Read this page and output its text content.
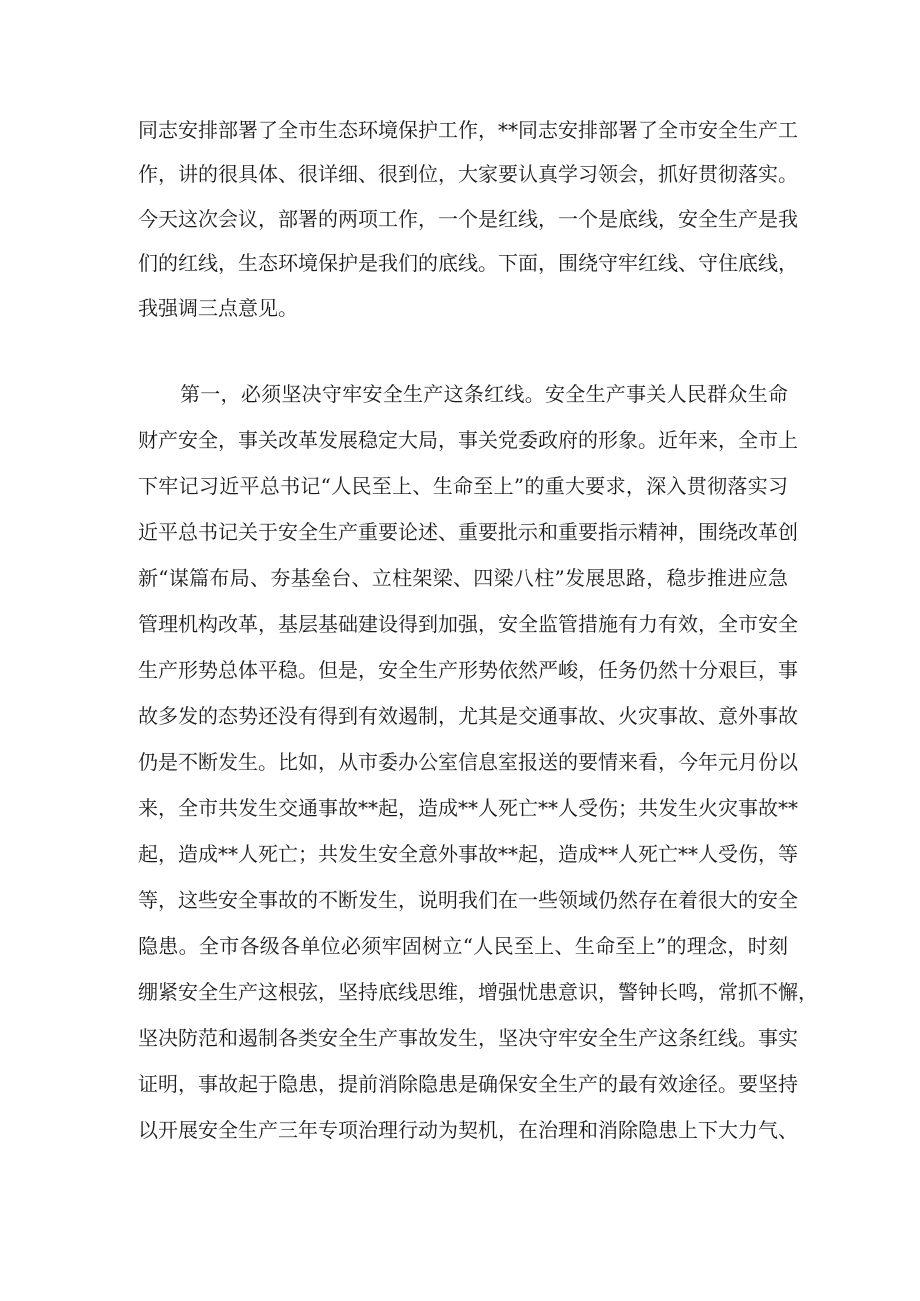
同志安排部署了全市生态环境保护工作，**同志安排部署了全市安全生产工
作，讲的很具体、很详细、很到位，大家要认真学习领会，抓好贯彻落实。
今天这次会议，部署的两项工作，一个是红线，一个是底线，安全生产是我
们的红线，生态环境保护是我们的底线。下面，围绕守牢红线、守住底线，
我强调三点意见。
第一，必须坚决守牢安全生产这条红线。安全生产事关人民群众生命
财产安全，事关改革发展稳定大局，事关党委政府的形象。近年来，全市上
下牢记习近平总书记“人民至上、生命至上”的重大要求，深入贯彻落实习
近平总书记关于安全生产重要论述、重要批示和重要指示精神，围绕改革创
新“谋篇布局、夯基垒台、立柱架梁、四梁八柱”发展思路，稳步推进应急
管理机构改革，基层基础建设得到加强，安全监管措施有力有效，全市安全
生产形势总体平稳。但是，安全生产形势依然严峻，任务仍然十分艰巨，事
故多发的态势还没有得到有效遏制，尤其是交通事故、火灾事故、意外事故
仍是不断发生。比如，从市委办公室信息室报送的要情来看，今年元月份以
来，全市共发生交通事故**起，造成**人死亡**人受伤；共发生火灾事故**
起，造成**人死亡；共发生安全意外事故**起，造成**人死亡**人受伤，等
等，这些安全事故的不断发生，说明我们在一些领域仍然存在着很大的安全
隐患。全市各级各单位必须牢固树立“人民至上、生命至上”的理念，时刻
绷紧安全生产这根弦，坚持底线思维，增强忧患意识，警钟长鸣，常抓不懈，
坚决防范和遏制各类安全生产事故发生，坚决守牢安全生产这条红线。事实
证明，事故起于隐患，提前消除隐患是确保安全生产的最有效途径。要坚持
以开展安全生产三年专项治理行动为契机，在治理和消除隐患上下大力气、
